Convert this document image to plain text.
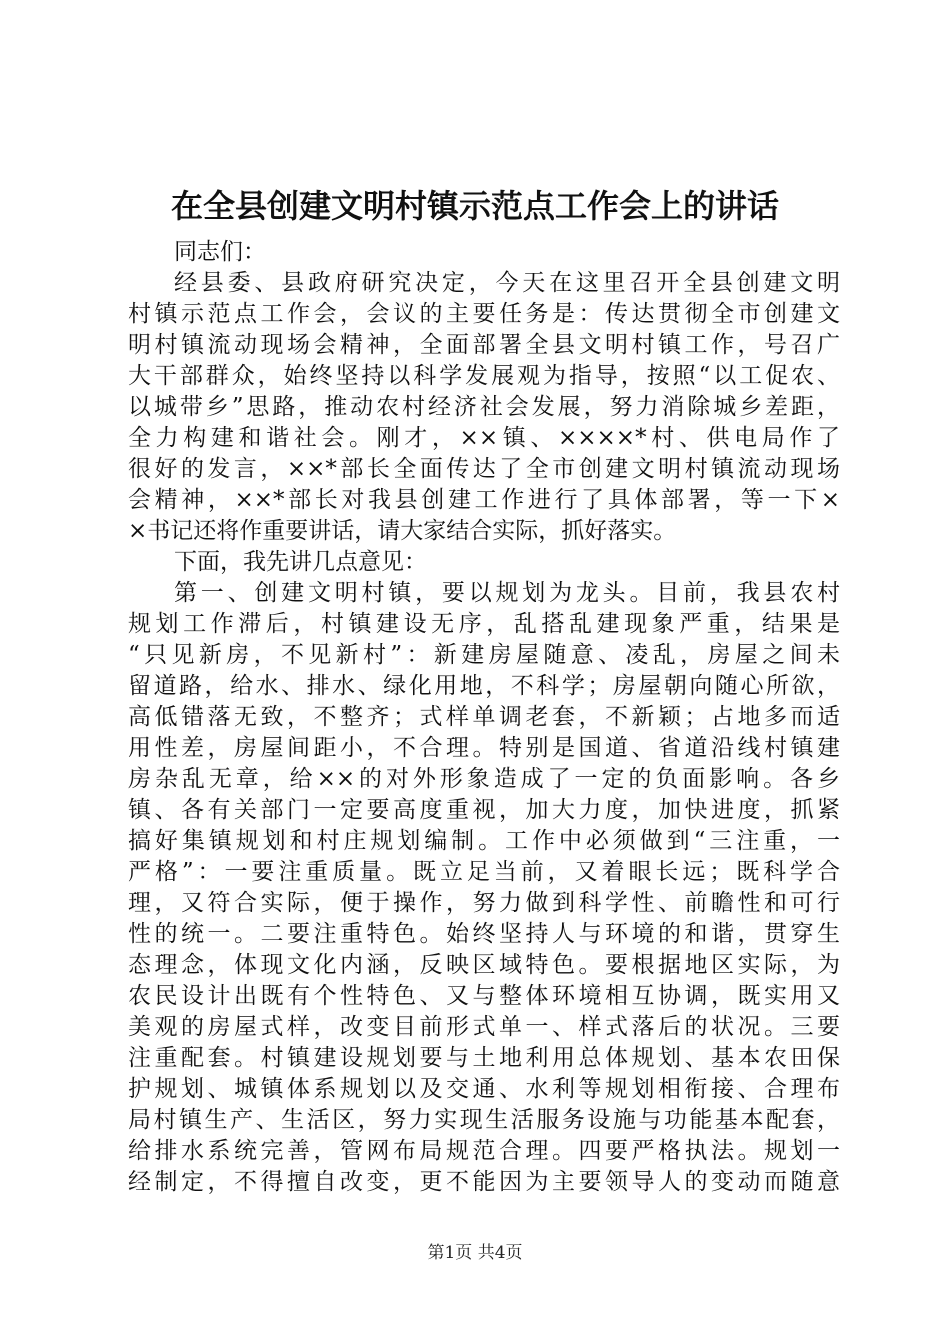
在全县创建文明村镇示范点工作会上的讲话
同志们：
经县委、县政府研究决定，今天在这里召开全县创建文明
村镇示范点工作会，会议的主要任务是：传达贯彻全市创建文
明村镇流动现场会精神，全面部署全县文明村镇工作，号召广
大干部群众，始终坚持以科学发展观为指导，按照“以工促农、
以城带乡”思路，推动农村经济社会发展，努力消除城乡差距，
全力构建和谐社会。刚才，××镇、××××*村、供电局作了
很好的发言，××*部长全面传达了全市创建文明村镇流动现场
会精神，××*部长对我县创建工作进行了具体部署，等一下×
×书记还将作重要讲话，请大家结合实际，抓好落实。
下面，我先讲几点意见：
第一、创建文明村镇，要以规划为龙头。目前，我县农村
规划工作滞后，村镇建设无序，乱搭乱建现象严重，结果是
“只见新房，不见新村”：新建房屋随意、凌乱，房屋之间未
留道路，给水、排水、绿化用地，不科学；房屋朝向随心所欲，
高低错落无致，不整齐；式样单调老套，不新颖；占地多而适
用性差，房屋间距小，不合理。特别是国道、省道沿线村镇建
房杂乱无章，给××的对外形象造成了一定的负面影响。各乡
镇、各有关部门一定要高度重视，加大力度，加快进度，抓紧
搞好集镇规划和村庄规划编制。工作中必须做到“三注重，一
严格”：一要注重质量。既立足当前，又着眼长远；既科学合
理，又符合实际，便于操作，努力做到科学性、前瞻性和可行
性的统一。二要注重特色。始终坚持人与环境的和谐，贯穿生
态理念，体现文化内涵，反映区域特色。要根据地区实际，为
农民设计出既有个性特色、又与整体环境相互协调，既实用又
美观的房屋式样，改变目前形式单一、样式落后的状况。三要
注重配套。村镇建设规划要与土地利用总体规划、基本农田保
护规划、城镇体系规划以及交通、水利等规划相衔接、合理布
局村镇生产、生活区，努力实现生活服务设施与功能基本配套，
给排水系统完善，管网布局规范合理。四要严格执法。规划一
经制定，不得擅自改变，更不能因为主要领导人的变动而随意
第1页 共4页
